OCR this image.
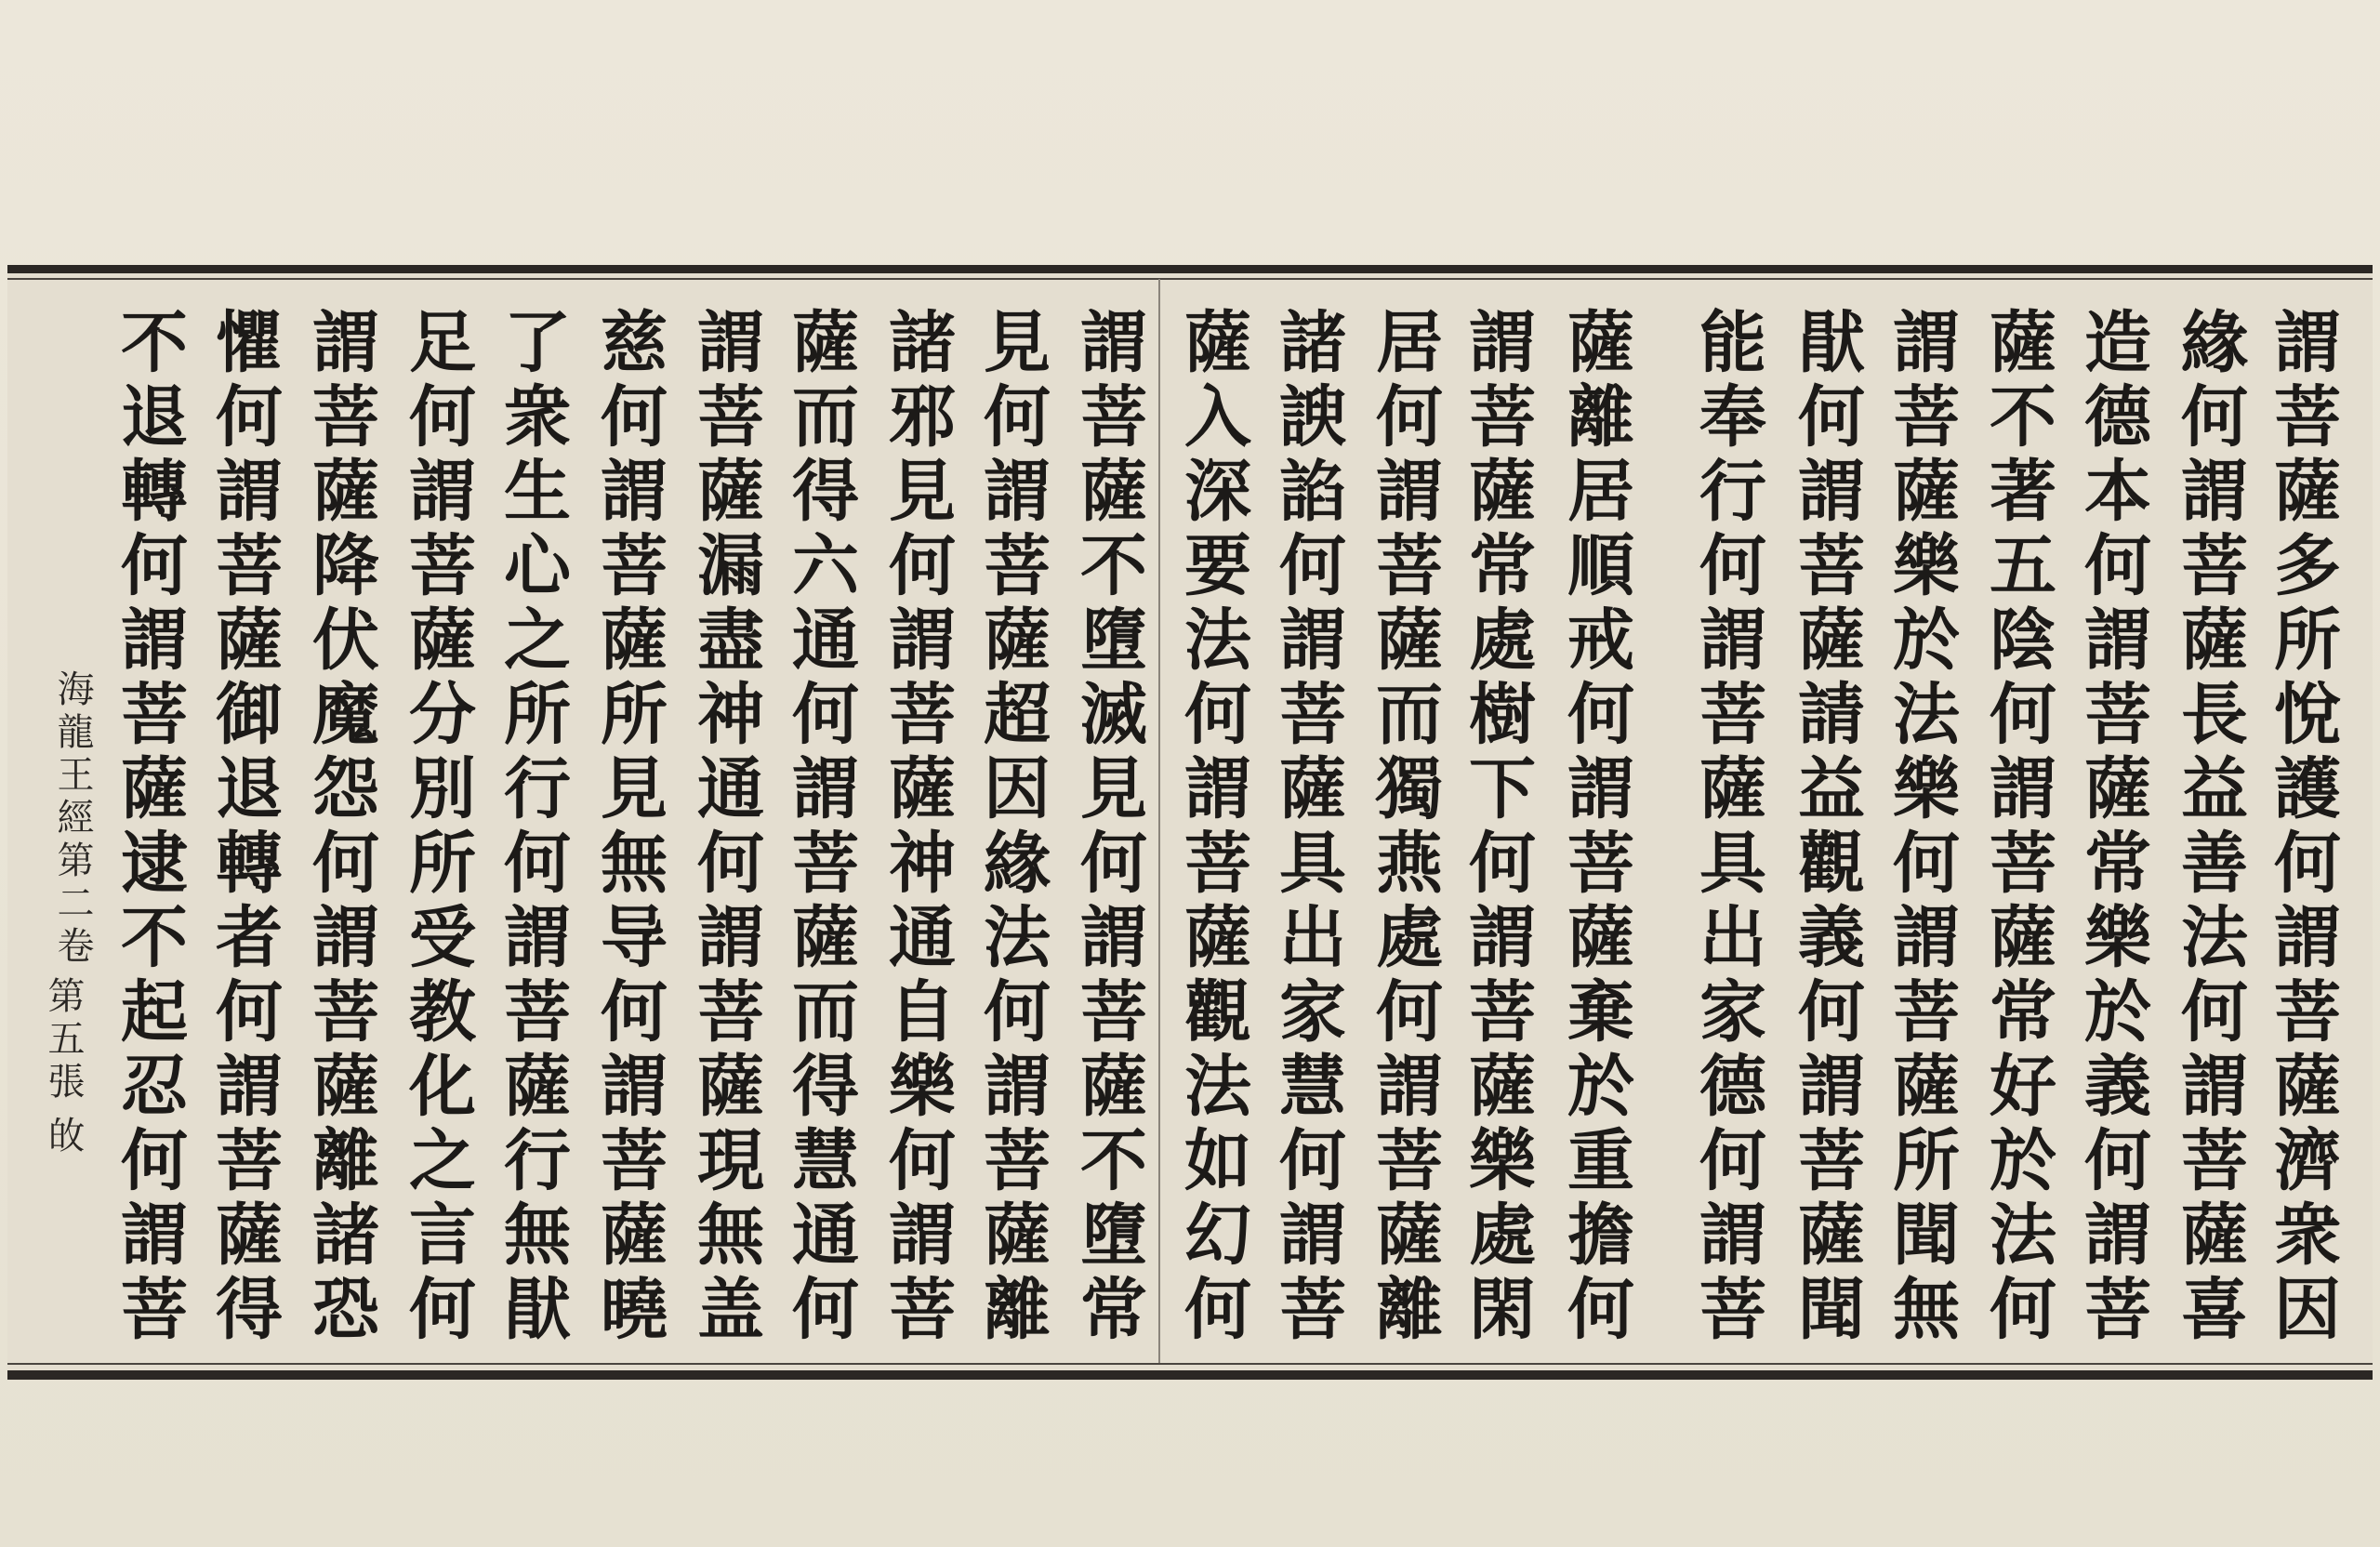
謂菩薩多所悅護何謂菩薩濟衆因
緣何謂菩薩長益善法何謂菩薩喜
造德本何謂菩薩常樂於義何謂菩
薩不著五陰何謂菩薩常好於法何
謂菩薩樂於法樂何謂菩薩所聞無
猒何謂菩薩請益觀義何謂菩薩聞
能奉行何謂菩薩具出家德何謂菩
薩離居順戒何謂菩薩棄於重擔何
謂菩薩常處樹下何謂菩薩樂處閑
居何謂菩薩而獨燕處何謂菩薩離
諸諛諂何謂菩薩具出家慧何謂菩
薩入深要法何謂菩薩觀法如幻何
謂菩薩不墮滅見何謂菩薩不墮常
見何謂菩薩超因緣法何謂菩薩離
諸邪見何謂菩薩神通自樂何謂菩
薩而得六通何謂菩薩而得慧通何
謂菩薩漏盡神通何謂菩薩現無盖
慈何謂菩薩所見無导何謂菩薩曉
了衆生心之所行何謂菩薩行無猒
足何謂菩薩分別所受教化之言何
謂菩薩降伏魔怨何謂菩薩離諸恐
懼何謂菩薩御退轉者何謂菩薩得
不退轉何謂菩薩逮不起忍何謂菩
海龍王經第二卷
第五張
敀
